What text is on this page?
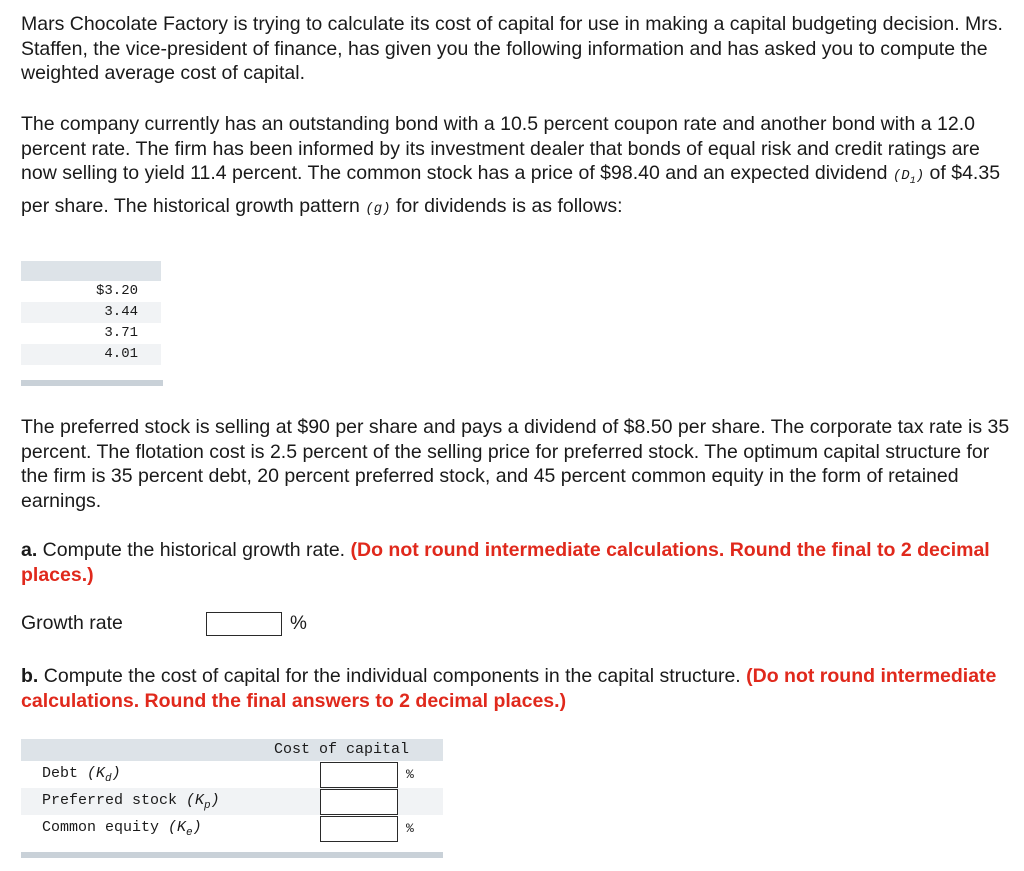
Mars Chocolate Factory is trying to calculate its cost of capital for use in making a capital budgeting decision. Mrs. Staffen, the vice-president of finance, has given you the following information and has asked you to compute the weighted average cost of capital.

The company currently has an outstanding bond with a 10.5 percent coupon rate and another bond with a 12.0 percent rate. The firm has been informed by its investment dealer that bonds of equal risk and credit ratings are now selling to yield 11.4 percent. The common stock has a price of $98.40 and an expected dividend $(D_1)$ of $4.35 per share. The historical growth pattern (g) for dividends is as follows:

$3.20
3.44
3.71
4.01

The preferred stock is selling at $90 per share and pays a dividend of $8.50 per share. The corporate tax rate is 35 percent. The flotation cost is 2.5 percent of the selling price for preferred stock. The optimum capital structure for the firm is 35 percent debt, 20 percent preferred stock, and 45 percent common equity in the form of retained earnings.

a. Compute the historical growth rate. (Do not round intermediate calculations. Round the final to 2 decimal places.)

Growth rate	%

b. Compute the cost of capital for the individual components in the capital structure. (Do not round intermediate calculations. Round the final answers to 2 decimal places.)

Cost of capital
Debt $(K_d)$	%
Preferred stock $(K_p)$
Common equity $(K_e)$	%
